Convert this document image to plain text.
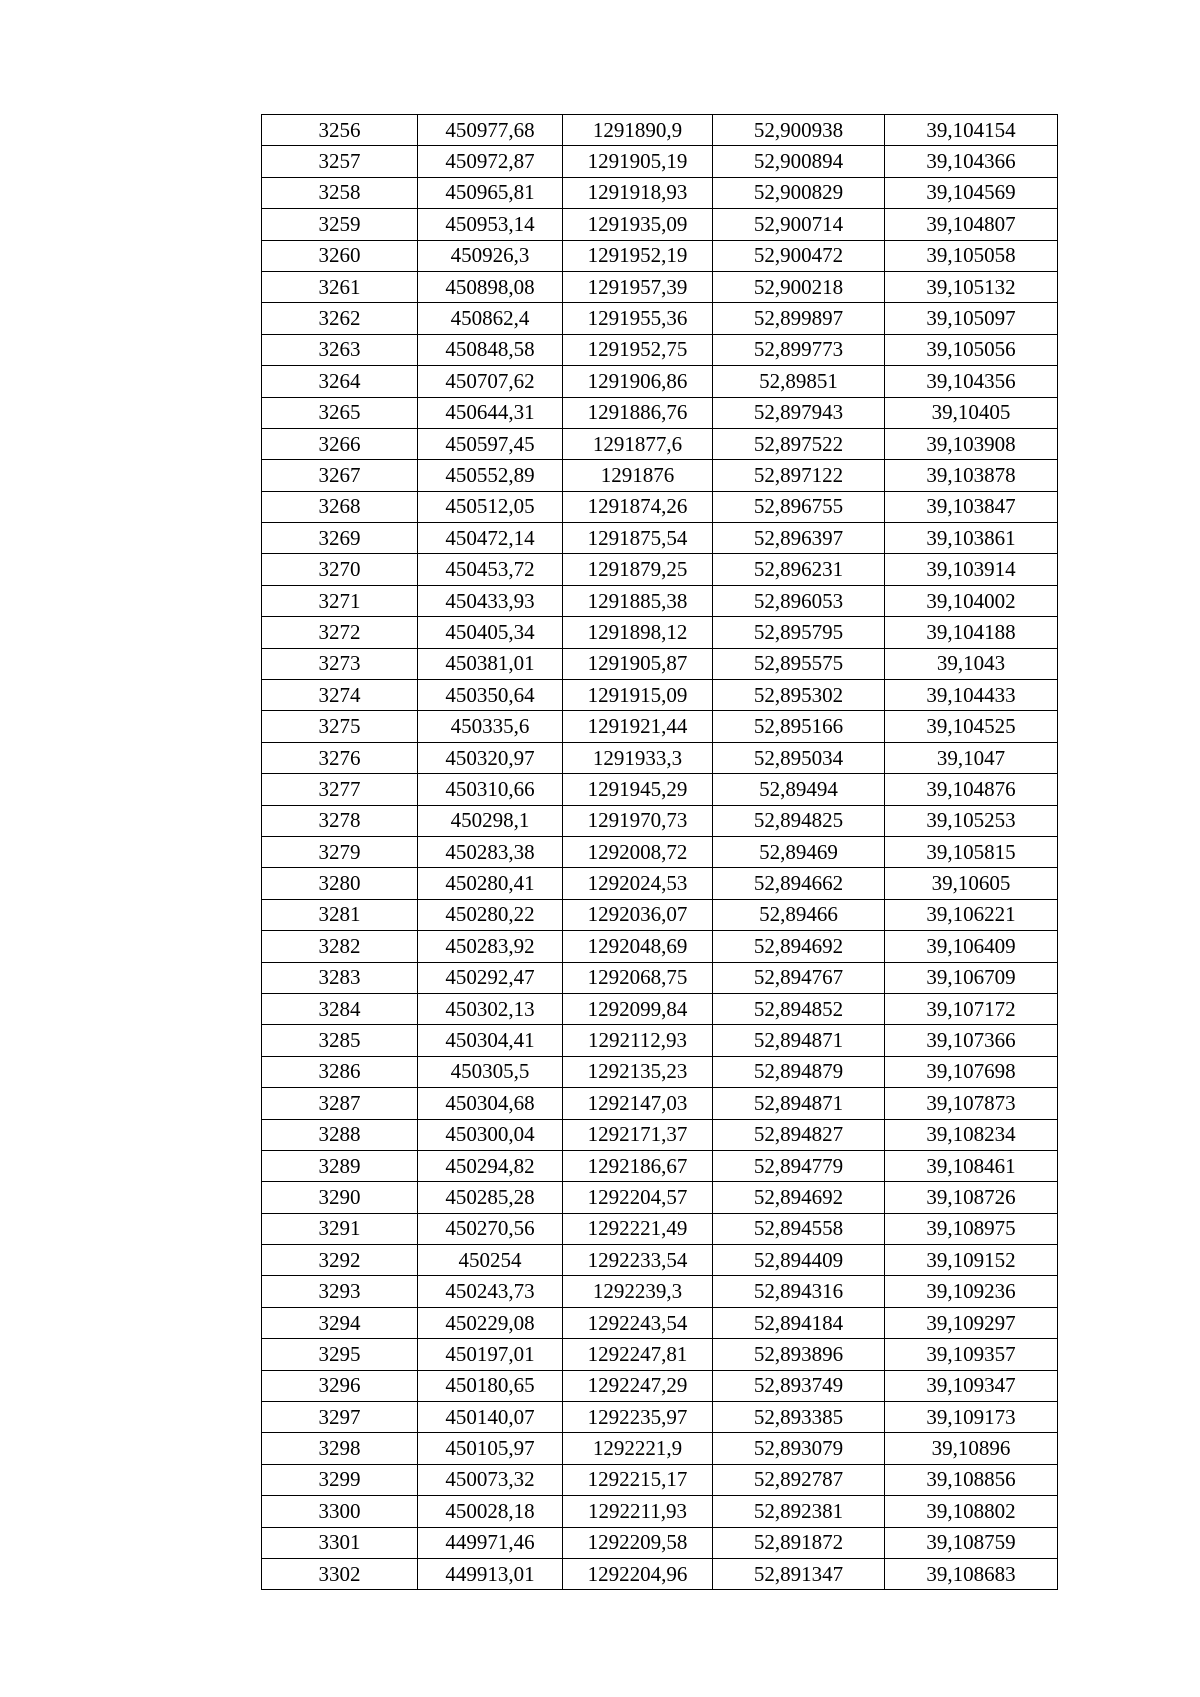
3256	450977,68	1291890,9	52,900938	39,104154
3257	450972,87	1291905,19	52,900894	39,104366
3258	450965,81	1291918,93	52,900829	39,104569
3259	450953,14	1291935,09	52,900714	39,104807
3260	450926,3	1291952,19	52,900472	39,105058
3261	450898,08	1291957,39	52,900218	39,105132
3262	450862,4	1291955,36	52,899897	39,105097
3263	450848,58	1291952,75	52,899773	39,105056
3264	450707,62	1291906,86	52,89851	39,104356
3265	450644,31	1291886,76	52,897943	39,10405
3266	450597,45	1291877,6	52,897522	39,103908
3267	450552,89	1291876	52,897122	39,103878
3268	450512,05	1291874,26	52,896755	39,103847
3269	450472,14	1291875,54	52,896397	39,103861
3270	450453,72	1291879,25	52,896231	39,103914
3271	450433,93	1291885,38	52,896053	39,104002
3272	450405,34	1291898,12	52,895795	39,104188
3273	450381,01	1291905,87	52,895575	39,1043
3274	450350,64	1291915,09	52,895302	39,104433
3275	450335,6	1291921,44	52,895166	39,104525
3276	450320,97	1291933,3	52,895034	39,1047
3277	450310,66	1291945,29	52,89494	39,104876
3278	450298,1	1291970,73	52,894825	39,105253
3279	450283,38	1292008,72	52,89469	39,105815
3280	450280,41	1292024,53	52,894662	39,10605
3281	450280,22	1292036,07	52,89466	39,106221
3282	450283,92	1292048,69	52,894692	39,106409
3283	450292,47	1292068,75	52,894767	39,106709
3284	450302,13	1292099,84	52,894852	39,107172
3285	450304,41	1292112,93	52,894871	39,107366
3286	450305,5	1292135,23	52,894879	39,107698
3287	450304,68	1292147,03	52,894871	39,107873
3288	450300,04	1292171,37	52,894827	39,108234
3289	450294,82	1292186,67	52,894779	39,108461
3290	450285,28	1292204,57	52,894692	39,108726
3291	450270,56	1292221,49	52,894558	39,108975
3292	450254	1292233,54	52,894409	39,109152
3293	450243,73	1292239,3	52,894316	39,109236
3294	450229,08	1292243,54	52,894184	39,109297
3295	450197,01	1292247,81	52,893896	39,109357
3296	450180,65	1292247,29	52,893749	39,109347
3297	450140,07	1292235,97	52,893385	39,109173
3298	450105,97	1292221,9	52,893079	39,10896
3299	450073,32	1292215,17	52,892787	39,108856
3300	450028,18	1292211,93	52,892381	39,108802
3301	449971,46	1292209,58	52,891872	39,108759
3302	449913,01	1292204,96	52,891347	39,108683
